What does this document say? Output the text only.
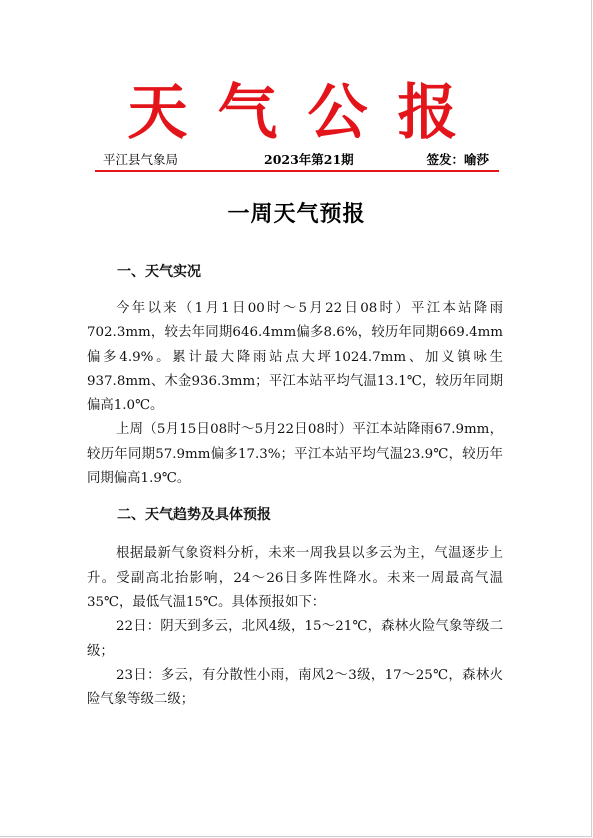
天气公报
平江县气象局	2023年第21期	签发：喻莎
一周天气预报
一、天气实况

今年以来（1月1日00时～5月22日08时）平江本站降雨702.3mm，较去年同期646.4mm偏多8.6%，较历年同期669.4mm偏多4.9%。累计最大降雨站点大坪1024.7mm、加义镇咏生937.8mm、木金936.3mm；平江本站平均气温13.1℃，较历年同期偏高1.0℃。

上周（5月15日08时～5月22日08时）平江本站降雨67.9mm，较历年同期57.9mm偏多17.3%；平江本站平均气温23.9℃，较历年同期偏高1.9℃。

二、天气趋势及具体预报

根据最新气象资料分析，未来一周我县以多云为主，气温逐步上升。受副高北抬影响，24～26日多阵性降水。未来一周最高气温35℃，最低气温15℃。具体预报如下：

22日：阴天到多云，北风4级，15～21℃，森林火险气象等级二级；

23日：多云，有分散性小雨，南风2～3级，17～25℃，森林火险气象等级二级；
